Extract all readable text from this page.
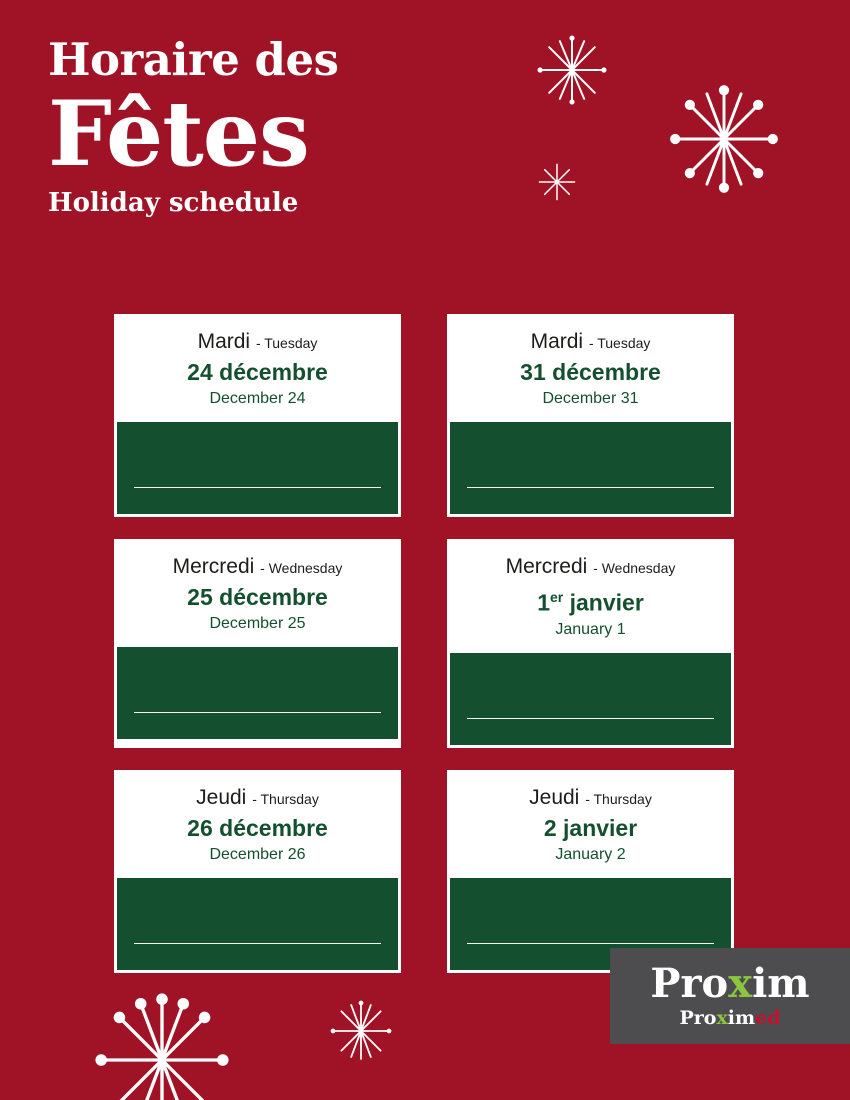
Horaire des
Fêtes
Holiday schedule
Mardi - Tuesday
24 décembre
December 24
Mardi - Tuesday
31 décembre
December 31
Mercredi - Wednesday
25 décembre
December 25
Mercredi - Wednesday
1er janvier
January 1
Jeudi - Thursday
26 décembre
December 26
Jeudi - Thursday
2 janvier
January 2
Proxim
Proximed
